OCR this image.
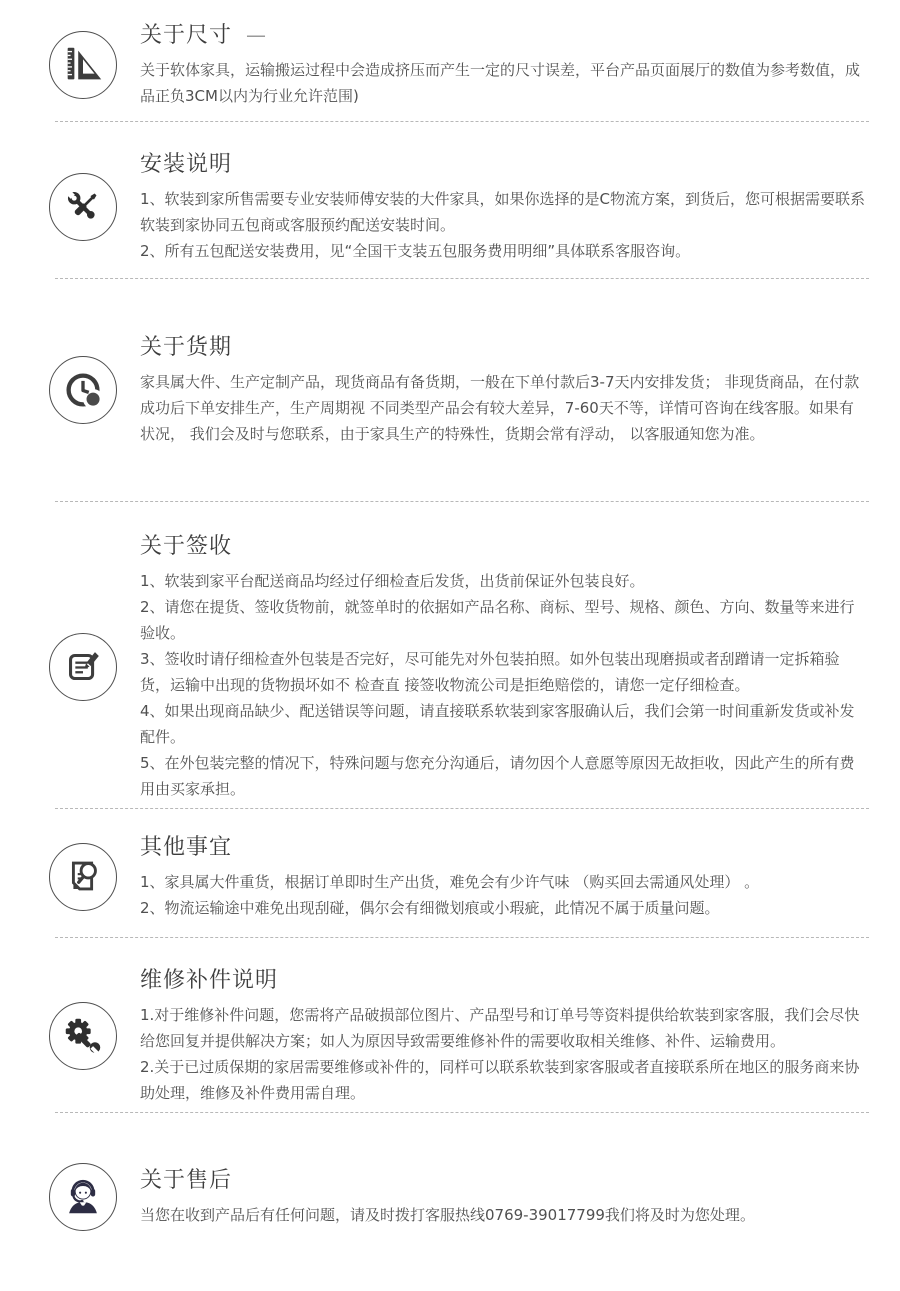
关于尺寸 —

关于软体家具，运输搬运过程中会造成挤压而产生一定的尺寸误差，平台产品页面展厅的数值为参考数值，成品正负3CM以内为行业允许范围)

安装说明

1、软装到家所售需要专业安装师傅安装的大件家具，如果你选择的是C物流方案，到货后，您可根据需要联系软装到家协同五包商或客服预约配送安装时间。

2、所有五包配送安装费用，见“全国干支装五包服务费用明细”具体联系客服咨询。

关于货期

家具属大件、生产定制产品，现货商品有备货期，一般在下单付款后3-7天内安排发货； 非现货商品，在付款成功后下单安排生产，生产周期视 不同类型产品会有较大差异，7-60天不等，详情可咨询在线客服。如果有状况， 我们会及时与您联系，由于家具生产的特殊性，货期会常有浮动， 以客服通知您为准。

关于签收

1、软装到家平台配送商品均经过仔细检查后发货，出货前保证外包装良好。

2、请您在提货、签收货物前，就签单时的依据如产品名称、商标、型号、规格、颜色、方向、数量等来进行验收。

3、签收时请仔细检查外包装是否完好，尽可能先对外包装拍照。如外包装出现磨损或者刮蹭请一定拆箱验货，运输中出现的货物损坏如不 检查直 接签收物流公司是拒绝赔偿的，请您一定仔细检查。

4、如果出现商品缺少、配送错误等问题，请直接联系软装到家客服确认后，我们会第一时间重新发货或补发配件。

5、在外包装完整的情况下，特殊问题与您充分沟通后，请勿因个人意愿等原因无故拒收，因此产生的所有费用由买家承担。

其他事宜

1、家具属大件重货，根据订单即时生产出货，难免会有少许气味 （购买回去需通风处理） 。

2、物流运输途中难免出现刮碰，偶尔会有细微划痕或小瑕疵，此情况不属于质量问题。

维修补件说明

1.对于维修补件问题，您需将产品破损部位图片、产品型号和订单号等资料提供给软装到家客服，我们会尽快给您回复并提供解决方案；如人为原因导致需要维修补件的需要收取相关维修、补件、运输费用。

2.关于已过质保期的家居需要维修或补件的，同样可以联系软装到家客服或者直接联系所在地区的服务商来协助处理，维修及补件费用需自理。

关于售后

当您在收到产品后有任何问题，请及时拨打客服热线0769-39017799我们将及时为您处理。
